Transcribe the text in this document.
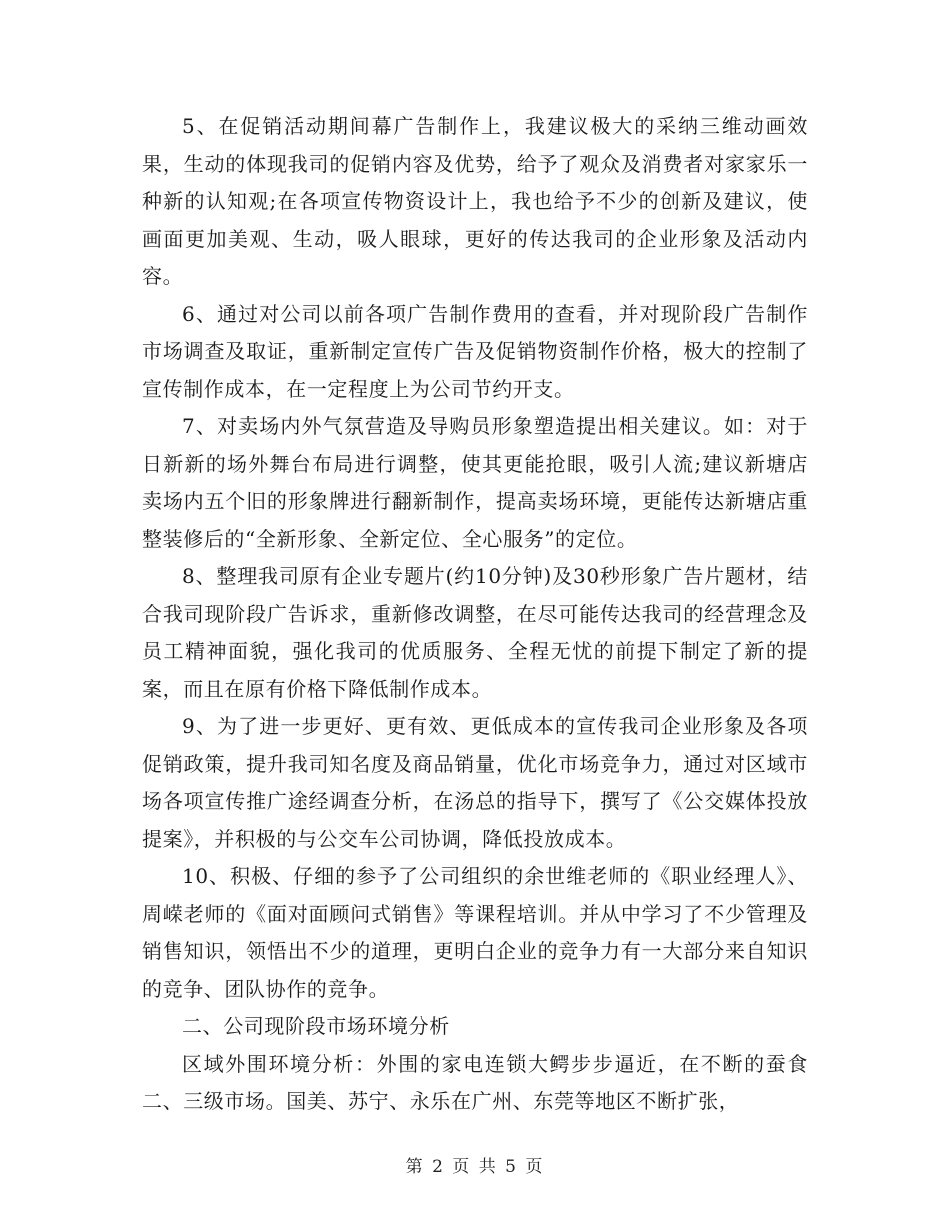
5、在促销活动期间幕广告制作上，我建议极大的采纳三维动画效果，生动的体现我司的促销内容及优势，给予了观众及消费者对家家乐一种新的认知观;在各项宣传物资设计上，我也给予不少的创新及建议，使画面更加美观、生动，吸人眼球，更好的传达我司的企业形象及活动内容。

6、通过对公司以前各项广告制作费用的查看，并对现阶段广告制作市场调查及取证，重新制定宣传广告及促销物资制作价格，极大的控制了宣传制作成本，在一定程度上为公司节约开支。

7、对卖场内外气氛营造及导购员形象塑造提出相关建议。如：对于日新新的场外舞台布局进行调整，使其更能抢眼，吸引人流;建议新塘店卖场内五个旧的形象牌进行翻新制作，提高卖场环境，更能传达新塘店重整装修后的“全新形象、全新定位、全心服务”的定位。

8、整理我司原有企业专题片(约10分钟)及30秒形象广告片题材，结合我司现阶段广告诉求，重新修改调整，在尽可能传达我司的经营理念及员工精神面貌，强化我司的优质服务、全程无忧的前提下制定了新的提案，而且在原有价格下降低制作成本。

9、为了进一步更好、更有效、更低成本的宣传我司企业形象及各项促销政策，提升我司知名度及商品销量，优化市场竞争力，通过对区域市场各项宣传推广途经调查分析，在汤总的指导下，撰写了《公交媒体投放提案》，并积极的与公交车公司协调，降低投放成本。

10、积极、仔细的参予了公司组织的余世维老师的《职业经理人》、周嵘老师的《面对面顾问式销售》等课程培训。并从中学习了不少管理及销售知识，领悟出不少的道理，更明白企业的竞争力有一大部分来自知识的竞争、团队协作的竞争。

二、公司现阶段市场环境分析

区域外围环境分析：外围的家电连锁大鳄步步逼近，在不断的蚕食二、三级市场。国美、苏宁、永乐在广州、东莞等地区不断扩张，

第 2 页 共 5 页
